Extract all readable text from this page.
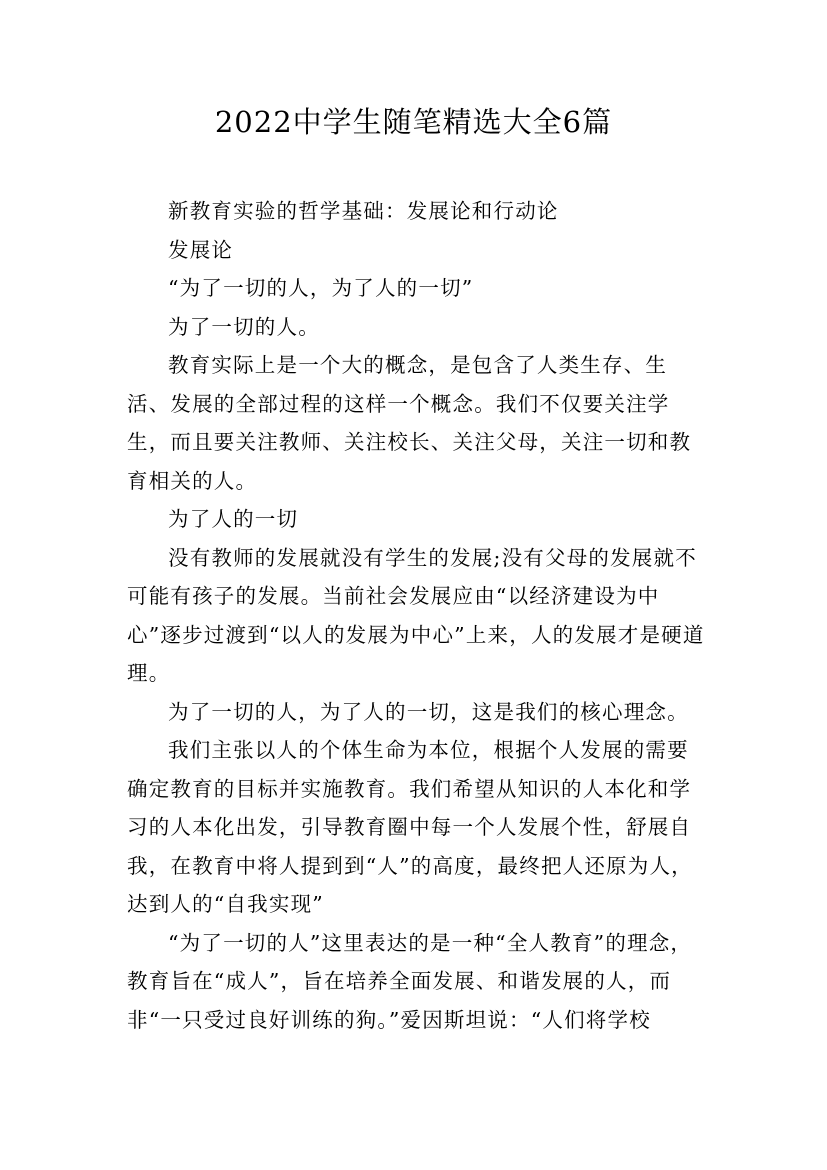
2022中学生随笔精选大全6篇

新教育实验的哲学基础：发展论和行动论

发展论

“为了一切的人，为了人的一切”

为了一切的人。

教育实际上是一个大的概念，是包含了人类生存、生活、发展的全部过程的这样一个概念。我们不仅要关注学生，而且要关注教师、关注校长、关注父母，关注一切和教育相关的人。

为了人的一切

没有教师的发展就没有学生的发展;没有父母的发展就不可能有孩子的发展。当前社会发展应由“以经济建设为中心”逐步过渡到“以人的发展为中心”上来，人的发展才是硬道理。

为了一切的人，为了人的一切，这是我们的核心理念。

我们主张以人的个体生命为本位，根据个人发展的需要确定教育的目标并实施教育。我们希望从知识的人本化和学习的人本化出发，引导教育圈中每一个人发展个性，舒展自我，在教育中将人提到到“人”的高度，最终把人还原为人，达到人的“自我实现”

“为了一切的人”这里表达的是一种“全人教育”的理念，教育旨在“成人”，旨在培养全面发展、和谐发展的人，而非“一只受过良好训练的狗。”爱因斯坦说：“人们将学校
